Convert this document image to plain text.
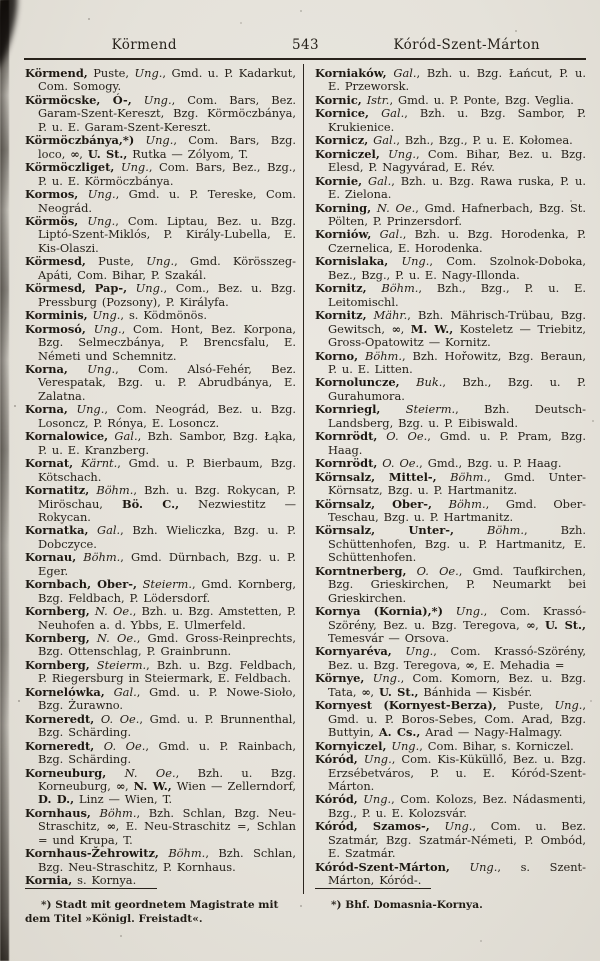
Körmend	543	Kóród-Szent-Márton

Körmend, Puste, Ung., Gmd. u. P. Kadarkut, Com. Somogy.

Körmöcske, Ó-, Ung., Com. Bars, Bez. Garam-Szent-Kereszt, Bzg. Körmöczbánya, P. u. E. Garam-Szent-Kereszt.

Körmöczbánya,*) Ung., Com. Bars, Bzg. loco, ∞, U. St., Rutka — Zólyom, T.

Körmöczliget, Ung., Com. Bars, Bez., Bzg., P. u. E. Körmöczbánya.

Kormos, Ung., Gmd. u. P. Tereske, Com. Neográd.

Körmös, Ung., Com. Liptau, Bez. u. Bzg. Liptó-Szent-Miklós, P. Király-Lubella, E. Kis-Olaszi.

Körmesd, Puste, Ung., Gmd. Körösszeg-Apáti, Com. Bihar, P. Szakál.

Körmesd, Pap-, Ung., Com., Bez. u. Bzg. Pressburg (Pozsony), P. Királyfa.

Korminis, Ung., s. Ködmönös.

Kormosó, Ung., Com. Hont, Bez. Korpona, Bzg. Selmeczbánya, P. Brencsfalu, E. Németi und Schemnitz.

Korna, Ung., Com. Alsó-Fehér, Bez. Verespatak, Bzg. u. P. Abrudbánya, E. Zalatna.

Korna, Ung., Com. Neográd, Bez. u. Bzg. Losoncz, P. Rónya, E. Losoncz.

Kornalowice, Gal., Bzh. Sambor, Bzg. Łąka, P. u. E. Kranzberg.

Kornat, Kärnt., Gmd. u. P. Bierbaum, Bzg. Kötschach.

Kornatitz, Böhm., Bzh. u. Bzg. Rokycan, P. Miröschau, Bö. C., Nezwiestitz — Rokycan.

Kornatka, Gal., Bzh. Wieliczka, Bzg. u. P. Dobczyce.

Kornau, Böhm., Gmd. Dürnbach, Bzg. u. P. Eger.

Kornbach, Ober-, Steierm., Gmd. Kornberg, Bzg. Feldbach, P. Lödersdorf.

Kornberg, N. Oe., Bzh. u. Bzg. Amstetten, P. Neuhofen a. d. Ybbs, E. Ulmerfeld.

Kornberg, N. Oe., Gmd. Gross-Reinprechts, Bzg. Ottenschlag, P. Grainbrunn.

Kornberg, Steierm., Bzh. u. Bzg. Feldbach, P. Riegersburg in Steiermark, E. Feldbach.

Kornelówka, Gal., Gmd. u. P. Nowe-Sioło, Bzg. Żurawno.

Korneredt, O. Oe., Gmd. u. P. Brunnenthal, Bzg. Schärding.

Korneredt, O. Oe., Gmd. u. P. Rainbach, Bzg. Schärding.

Korneuburg, N. Oe., Bzh. u. Bzg. Korneuburg, ∞, N. W., Wien — Zellerndorf, D. D., Linz — Wien, T.

Kornhaus, Böhm., Bzh. Schlan, Bzg. Neu-Straschitz, ∞, E. Neu-Straschitz =, Schlan = und Krupa, T.

Kornhaus-Žehrowitz, Böhm., Bzh. Schlan, Bzg. Neu-Straschitz, P. Kornhaus.

Kornia, s. Kornya.

*) Stadt mit geordnetem Magistrate mit dem Titel »Königl. Freistadt«.

Korniaków, Gal., Bzh. u. Bzg. Łańcut, P. u. E. Przeworsk.

Kornic, Istr., Gmd. u. P. Ponte, Bzg. Veglia.

Kornice, Gal., Bzh. u. Bzg. Sambor, P. Krukienice.

Kornicz, Gal., Bzh., Bzg., P. u. E. Kołomea.

Korniczel, Ung., Com. Bihar, Bez. u. Bzg. Elesd, P. Nagyvárad, E. Rév.

Kornie, Gal., Bzh. u. Bzg. Rawa ruska, P. u. E. Zielona.

Korning, N. Oe., Gmd. Hafnerbach, Bzg. St. Pölten, P. Prinzersdorf.

Korniów, Gal., Bzh. u. Bzg. Horodenka, P. Czernelica, E. Horodenka.

Kornislaka, Ung., Com. Szolnok-Doboka, Bez., Bzg., P. u. E. Nagy-Illonda.

Kornitz, Böhm., Bzh., Bzg., P. u. E. Leitomischl.

Kornitz, Mähr., Bzh. Mährisch-Trübau, Bzg. Gewitsch, ∞, M. W., Kosteletz — Triebitz, Gross-Opatowitz — Kornitz.

Korno, Böhm., Bzh. Hořowitz, Bzg. Beraun, P. u. E. Litten.

Kornoluncze, Buk., Bzh., Bzg. u. P. Gurahumora.

Kornriegl, Steierm., Bzh. Deutsch-Landsberg, Bzg. u. P. Eibiswald.

Kornrödt, O. Oe., Gmd. u. P. Pram, Bzg. Haag.

Kornrödt, O. Oe., Gmd., Bzg. u. P. Haag.

Körnsalz, Mittel-, Böhm., Gmd. Unter-Körnsatz, Bzg. u. P. Hartmanitz.

Körnsalz, Ober-, Böhm., Gmd. Ober-Teschau, Bzg. u. P. Hartmanitz.

Körnsalz, Unter-,	Böhm., Bzh. Schüttenhofen, Bzg. u. P. Hartmanitz, E. Schüttenhofen.

Korntnerberg, O. Oe., Gmd. Taufkirchen, Bzg. Grieskirchen, P. Neumarkt bei Grieskirchen.

Kornya (Kornia),*) Ung., Com. Krassó-Szörény, Bez. u. Bzg. Teregova, ∞, U. St., Temesvár — Orsova.

Kornyaréva, Ung., Com. Krassó-Szörény, Bez. u. Bzg. Teregova, ∞, E. Mehadia =

Környe, Ung., Com. Komorn, Bez. u. Bzg. Tata, ∞, U. St., Bánhida — Kisbér.

Kornyest (Kornyest-Berza), Puste, Ung., Gmd. u. P. Boros-Sebes, Com. Arad, Bzg. Buttyin, A. Cs., Arad — Nagy-Halmagy.

Kornyiczel, Ung., Com. Bihar, s. Korniczel.

Kóród, Ung., Com. Kis-Küküllő, Bez. u. Bzg. Erzsébetváros, P. u. E. Kóród-Szent-Márton.

Kóród, Ung., Com. Kolozs, Bez. Nádasmenti, Bzg., P. u. E. Kolozsvár.

Kóród, Szamos-, Ung., Com. u. Bez. Szatmár, Bzg. Szatmár-Németi, P. Ombód, E. Szatmár.

Kóród-Szent-Márton, Ung., s. Szent-Márton, Kóród-.

*) Bhf. Domasnia-Kornya.
